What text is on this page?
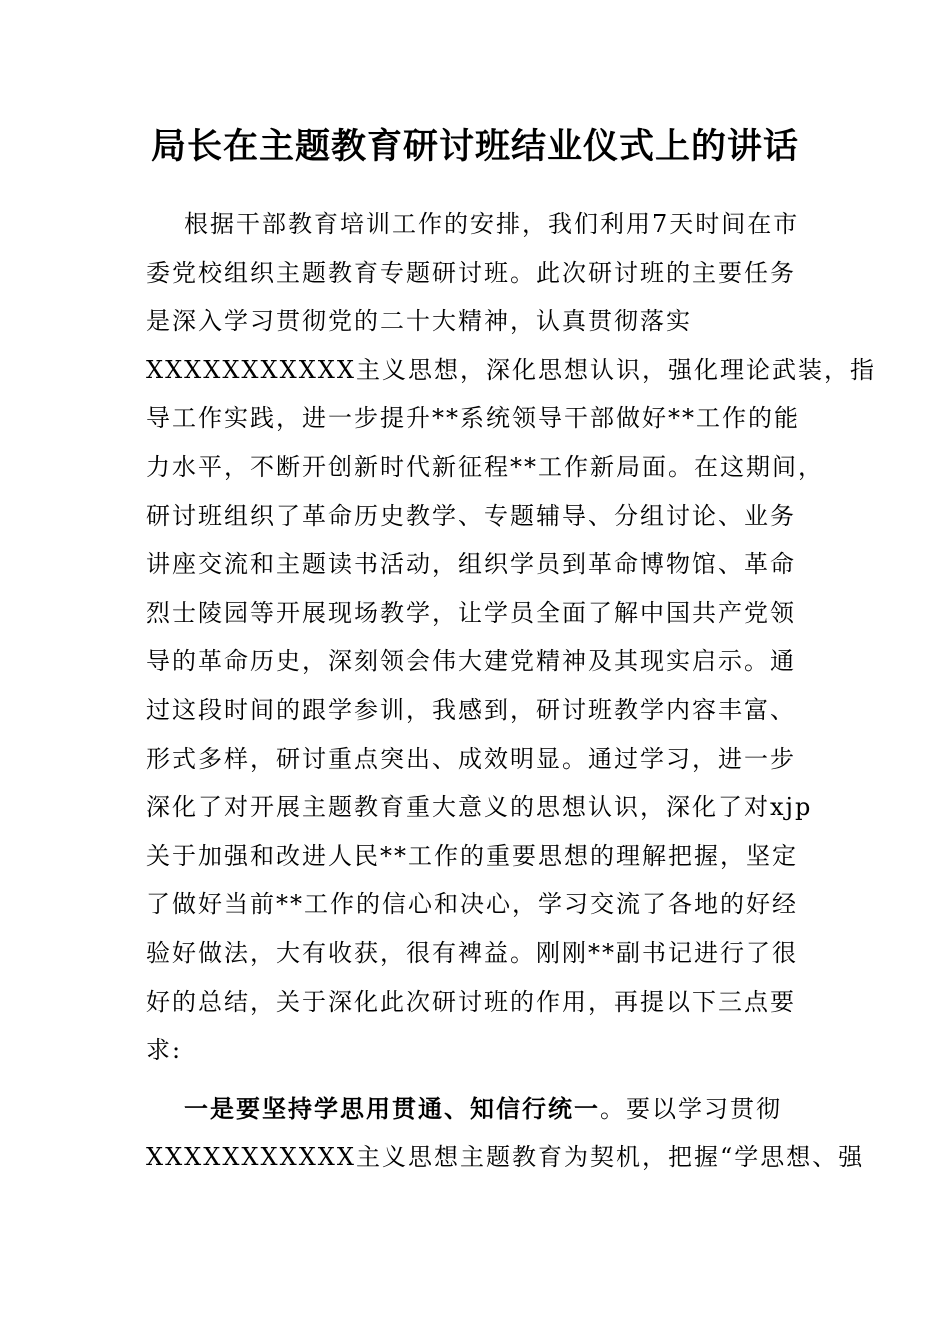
局长在主题教育研讨班结业仪式上的讲话
根据干部教育培训工作的安排，我们利用7天时间在市
委党校组织主题教育专题研讨班。此次研讨班的主要任务
是深入学习贯彻党的二十大精神，认真贯彻落实
XXXXXXXXXXX主义思想，深化思想认识，强化理论武装，指
导工作实践，进一步提升**系统领导干部做好**工作的能
力水平，不断开创新时代新征程**工作新局面。在这期间，
研讨班组织了革命历史教学、专题辅导、分组讨论、业务
讲座交流和主题读书活动，组织学员到革命博物馆、革命
烈士陵园等开展现场教学，让学员全面了解中国共产党领
导的革命历史，深刻领会伟大建党精神及其现实启示。通
过这段时间的跟学参训，我感到，研讨班教学内容丰富、
形式多样，研讨重点突出、成效明显。通过学习，进一步
深化了对开展主题教育重大意义的思想认识，深化了对xjp
关于加强和改进人民**工作的重要思想的理解把握，坚定
了做好当前**工作的信心和决心，学习交流了各地的好经
验好做法，大有收获，很有裨益。刚刚**副书记进行了很
好的总结，关于深化此次研讨班的作用，再提以下三点要
求:
一是要坚持学思用贯通、知信行统一。要以学习贯彻
XXXXXXXXXXX主义思想主题教育为契机，把握“学思想、强
